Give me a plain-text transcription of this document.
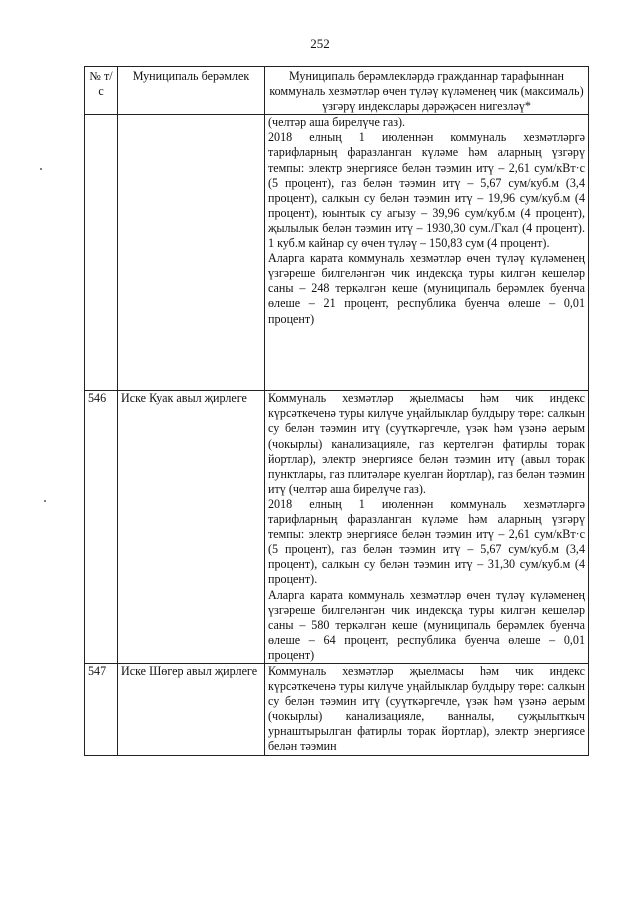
252
№ т/с	Муниципаль берәмлек	Муниципаль берәмлекләрдә гражданнар тарафыннан коммуналь хезмәтләр өчен түләү күләменең чик (максималь) үзгәрү индекслары дәрәҗәсен нигезләү*

		(челтәр аша бирелүче газ).

2018 елның 1 июленнән коммуналь хезмәтләргә тарифларның фаразланган күләме һәм аларның үзгәрү темпы: электр энергиясе белән тәэмин итү – 2,61 сум/кВт·с (5 процент), газ белән тәэмин итү – 5,67 сум/куб.м (3,4 процент), салкын су белән тәэмин итү – 19,96 сум/куб.м (4 процент), юынтык су агызу – 39,96 сум/куб.м (4 процент), җылылык белән тәэмин итү – 1930,30 сум./Гкал (4 процент). 1 куб.м кайнар су өчен түләү – 150,83 сум (4 процент).

Аларга карата коммуналь хезмәтләр өчен түләү күләменең үзгәреше билгеләнгән чик индексқа туры килгән кешеләр саны – 248 теркәлгән кеше (муниципаль берәмлек буенча өлеше – 21 процент, республика буенча өлеше – 0,01 процент)

546	Иске Куак авыл җирлеге	Коммуналь хезмәтләр җыелмасы һәм чик индекс күрсәткеченә туры килүче уңайлыклар булдыру төре: салкын су белән тәэмин итү (суүткәргечле, үзәк һәм үзәнә аерым (чокырлы) канализацияле, газ кертелгән фатирлы торак йортлар), электр энергиясе белән тәэмин итү (авыл торак пунктлары, газ плитәләре куелган йортлар), газ белән тәэмин итү (челтәр аша бирелүче газ).

2018 елның 1 июленнән коммуналь хезмәтләргә тарифларның фаразланган күләме һәм аларның үзгәрү темпы: электр энергиясе белән тәэмин итү – 2,61 сум/кВт·с (5 процент), газ белән тәэмин итү – 5,67 сум/куб.м (3,4 процент), салкын су белән тәэмин итү – 31,30 сум/куб.м (4 процент).

Аларга карата коммуналь хезмәтләр өчен түләү күләменең үзгәреше билгеләнгән чик индексқа туры килгән кешеләр саны – 580 теркәлгән кеше (муниципаль берәмлек буенча өлеше – 64 процент, республика буенча өлеше – 0,01 процент)

547	Иске Шөгер авыл җирлеге	Коммуналь хезмәтләр җыелмасы һәм чик индекс күрсәткеченә туры килүче уңайлыклар булдыру төре: салкын су белән тәэмин итү (суүткәргечле, үзәк һәм үзәнә аерым (чокырлы) канализацияле, ванналы, суҗылыткыч урнаштырылган фатирлы торак йортлар), электр энергиясе белән тәэмин
